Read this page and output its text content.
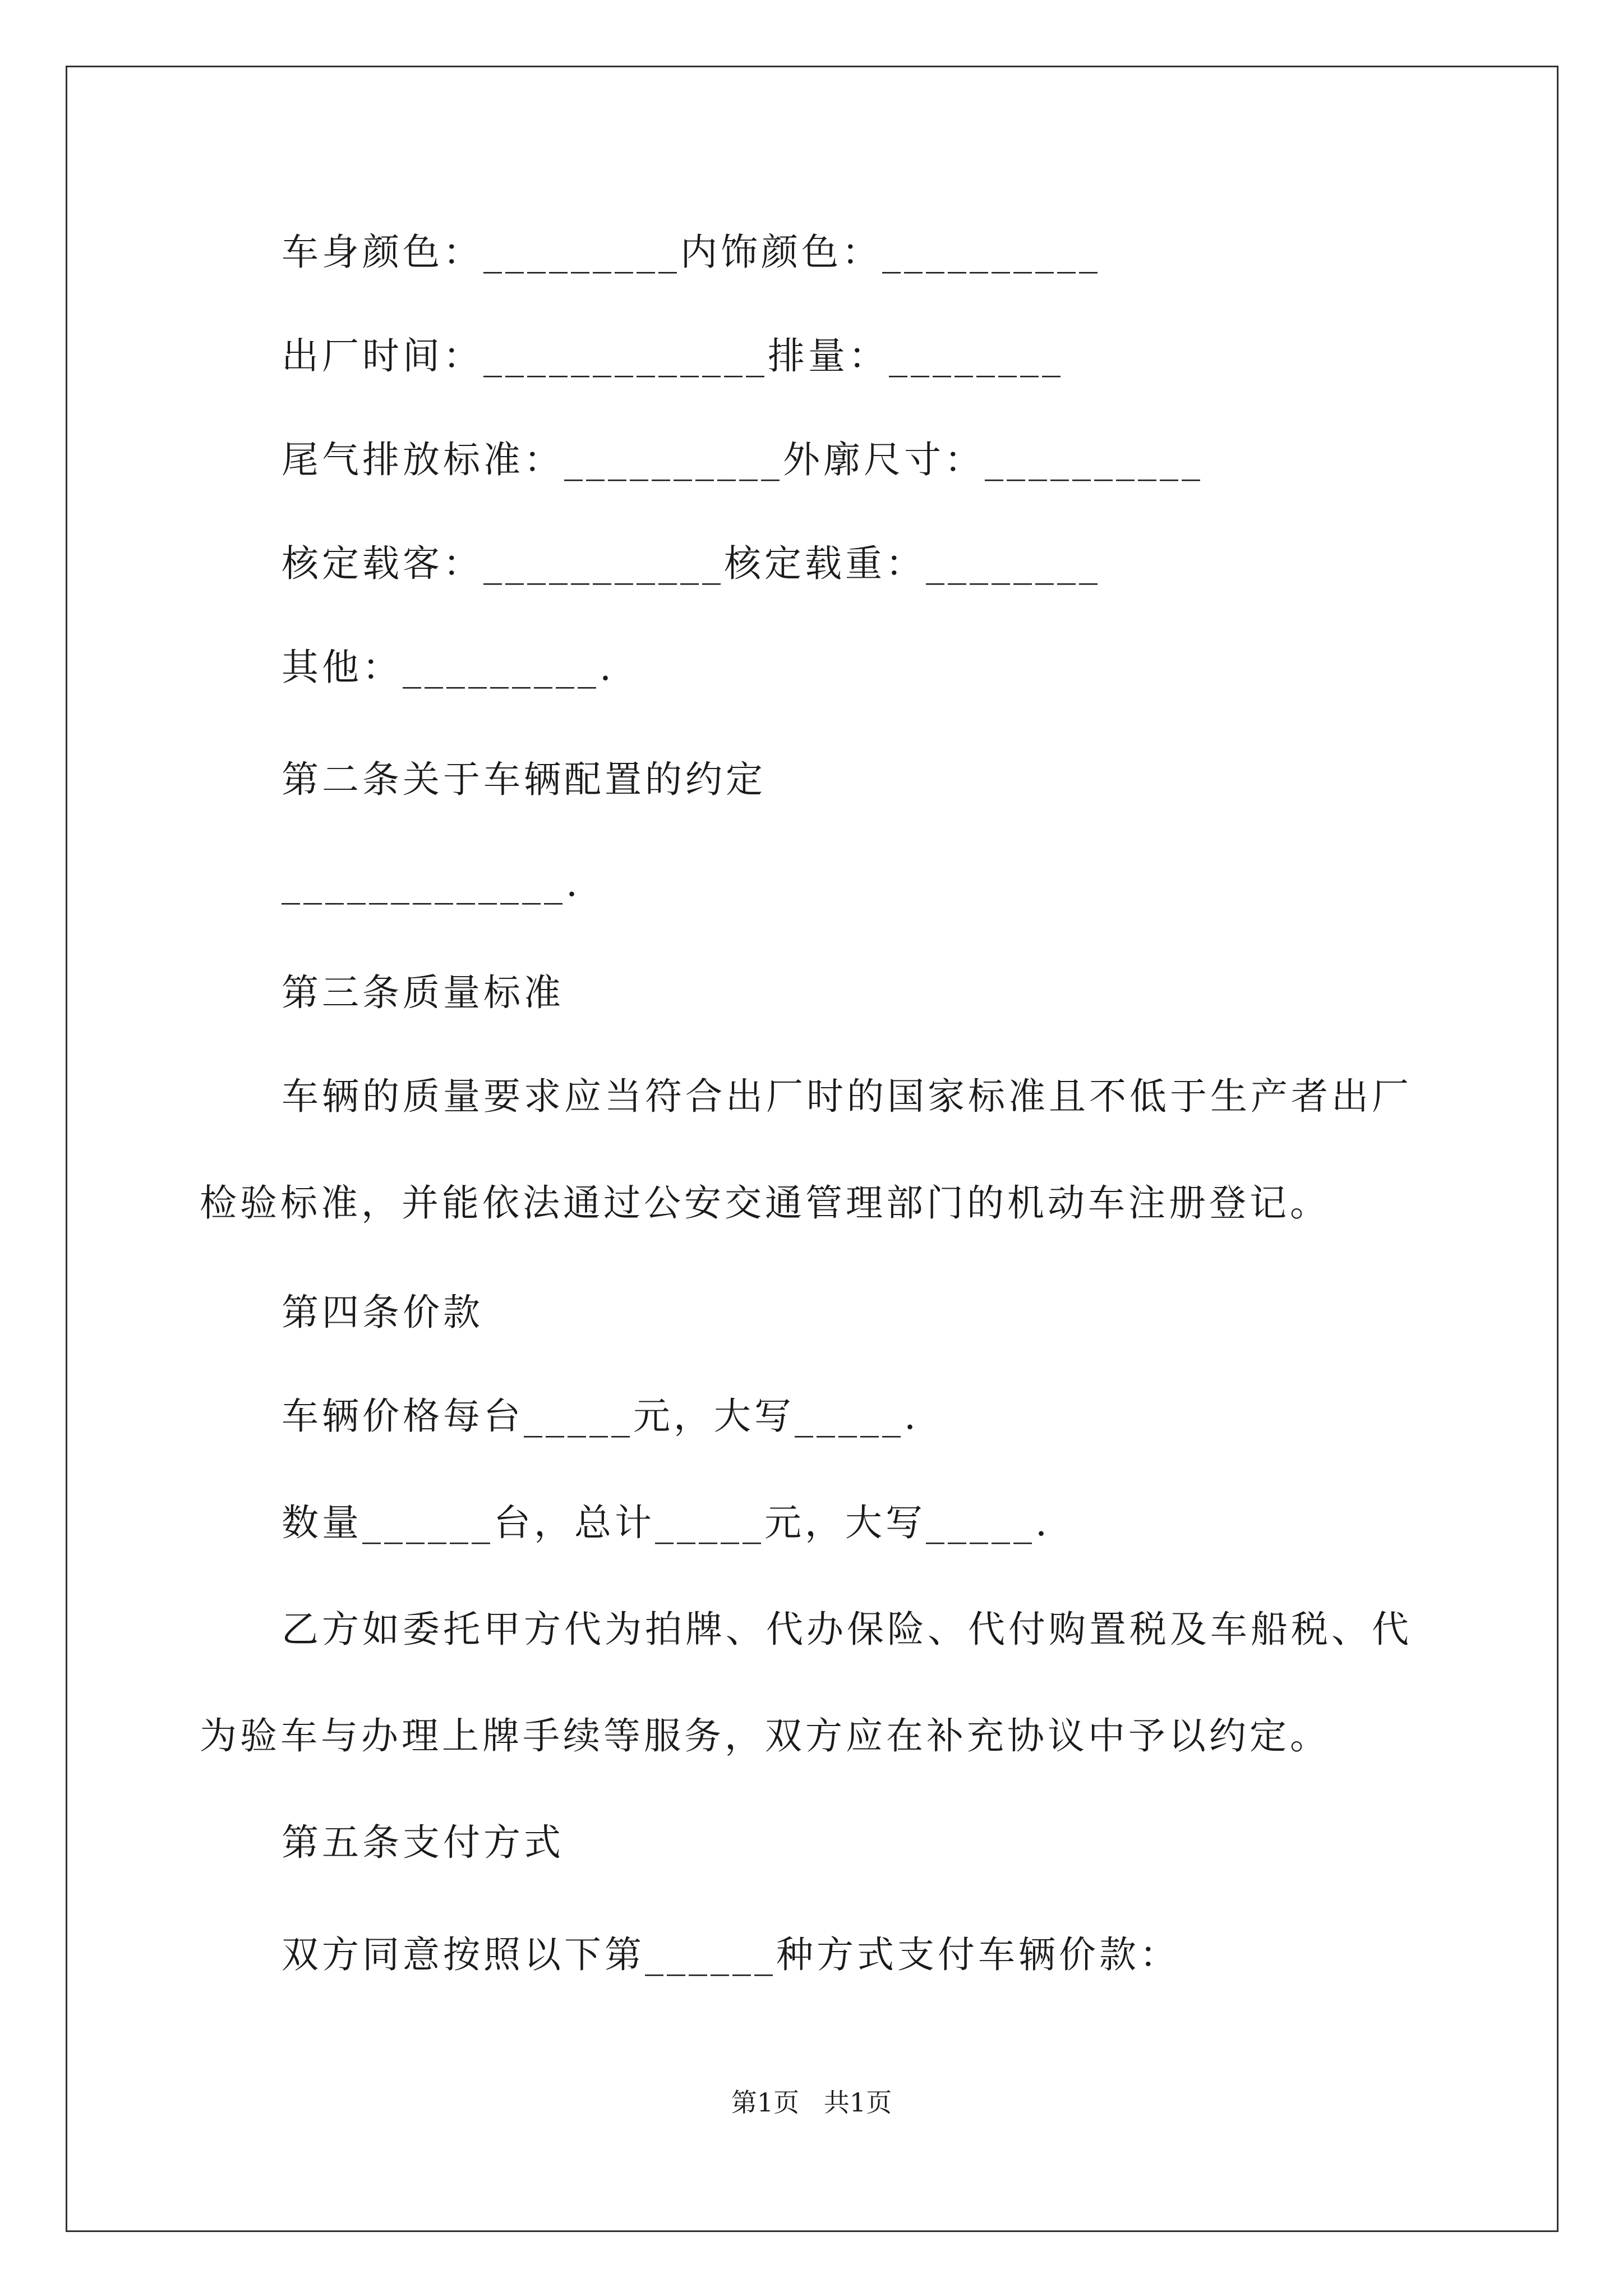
车身颜色：_________内饰颜色：__________
出厂时间：_____________排量：________
尾气排放标准：__________外廓尺寸：__________
核定载客：___________核定载重：________
其他：_________.
第二条关于车辆配置的约定
_____________.
第三条质量标准
车辆的质量要求应当符合出厂时的国家标准且不低于生产者出厂
检验标准，并能依法通过公安交通管理部门的机动车注册登记。
第四条价款
车辆价格每台_____元，大写_____.
数量______台，总计_____元，大写_____.
乙方如委托甲方代为拍牌、代办保险、代付购置税及车船税、代
为验车与办理上牌手续等服务，双方应在补充协议中予以约定。
第五条支付方式
双方同意按照以下第______种方式支付车辆价款：
第1页   共1页
